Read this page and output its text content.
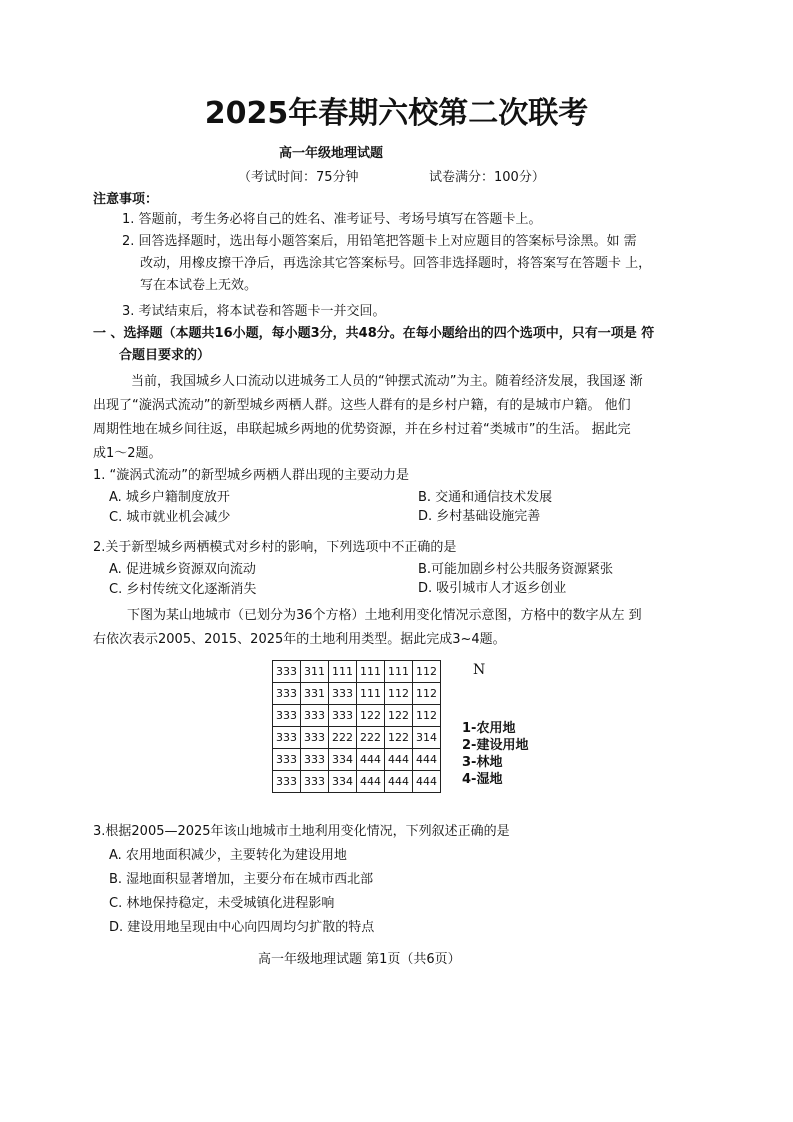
2025年春期六校第二次联考
高一年级地理试题
（考试时间：75分钟	试卷满分：100分）
注意事项：
1. 答题前，考生务必将自己的姓名、准考证号、考场号填写在答题卡上。
2. 回答选择题时，选出每小题答案后，用铅笔把答题卡上对应题目的答案标号涂黑。如 需
改动，用橡皮擦干净后，再选涂其它答案标号。回答非选择题时，将答案写在答题卡 上，
写在本试卷上无效。
3. 考试结束后，将本试卷和答题卡一并交回。
一 、选择题（本题共16小题，每小题3分，共48分。在每小题给出的四个选项中，只有一项是 符
合题目要求的）
当前，我国城乡人口流动以进城务工人员的“钟摆式流动”为主。随着经济发展，我国逐 渐
出现了“漩涡式流动”的新型城乡两栖人群。这些人群有的是乡村户籍，有的是城市户籍。 他们
周期性地在城乡间往返，串联起城乡两地的优势资源，并在乡村过着“类城市”的生活。 据此完
成1～2题。
1. “漩涡式流动”的新型城乡两栖人群出现的主要动力是
A. 城乡户籍制度放开	B. 交通和通信技术发展
C. 城市就业机会减少	D. 乡村基础设施完善
2.关于新型城乡两栖模式对乡村的影响，下列选项中不正确的是
A. 促进城乡资源双向流动	B.可能加剧乡村公共服务资源紧张
C. 乡村传统文化逐渐消失	D. 吸引城市人才返乡创业
下图为某山地城市（已划分为36个方格）土地利用变化情况示意图，方格中的数字从左 到
右依次表示2005、2015、2025年的土地利用类型。据此完成3~4题。
333	311	111	111	111	112
333	331	333	111	112	112
333	333	333	122	122	112
333	333	222	222	122	314
333	333	334	444	444	444
333	333	334	444	444	444
N
1-农用地
2-建设用地
3-林地
4-湿地
3.根据2005—2025年该山地城市土地利用变化情况，下列叙述正确的是
A. 农用地面积减少，主要转化为建设用地
B. 湿地面积显著增加，主要分布在城市西北部
C. 林地保持稳定，未受城镇化进程影响
D. 建设用地呈现由中心向四周均匀扩散的特点
高一年级地理试题 第1页（共6页）
